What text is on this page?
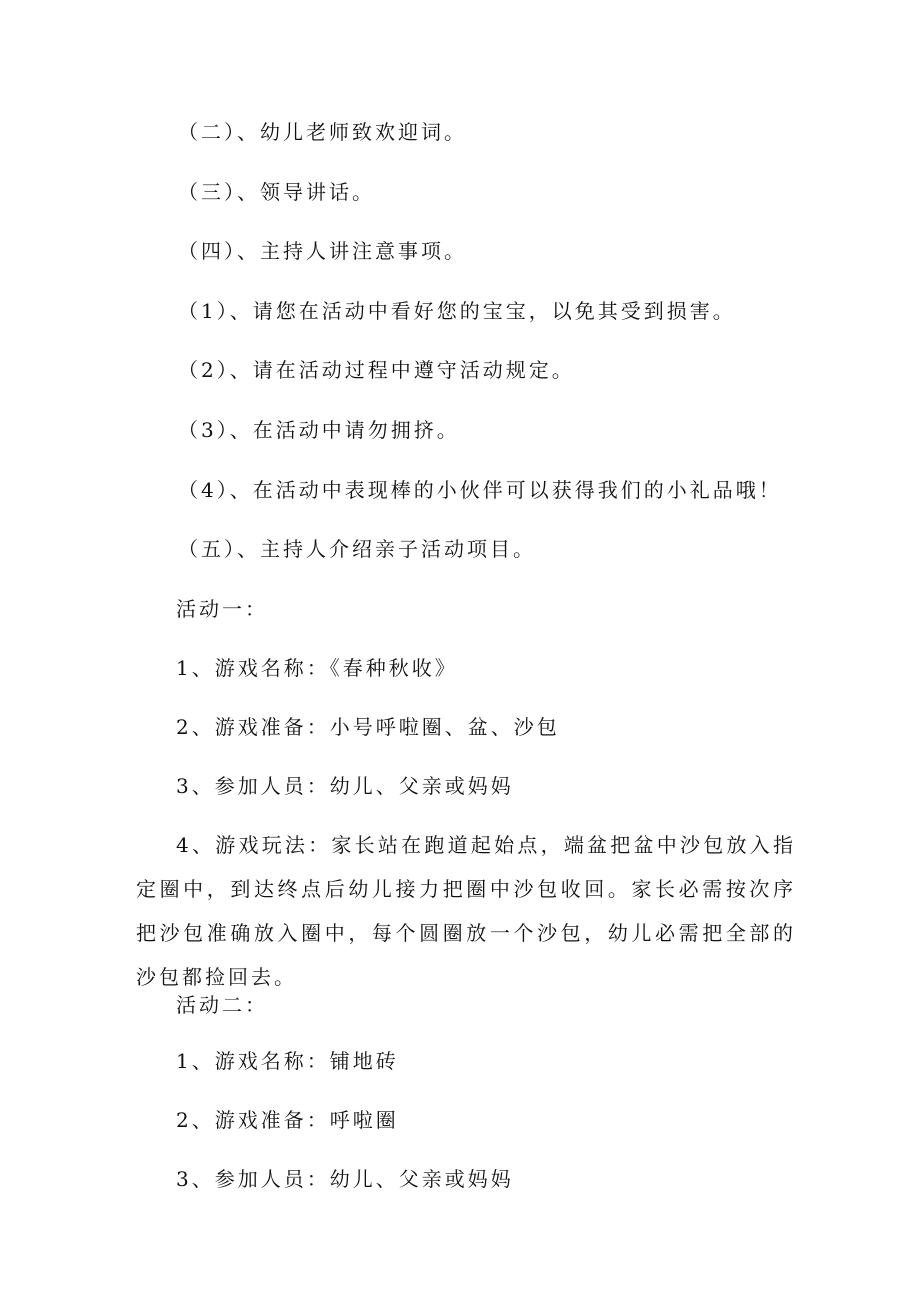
（二）、幼儿老师致欢迎词。

（三）、领导讲话。

（四）、主持人讲注意事项。

（1）、请您在活动中看好您的宝宝，以免其受到损害。

（2）、请在活动过程中遵守活动规定。

（3）、在活动中请勿拥挤。

（4）、在活动中表现棒的小伙伴可以获得我们的小礼品哦！

（五）、主持人介绍亲子活动项目。

活动一：

1、游戏名称：《春种秋收》

2、游戏准备：小号呼啦圈、盆、沙包

3、参加人员：幼儿、父亲或妈妈

4、游戏玩法：家长站在跑道起始点，端盆把盆中沙包放入指定圈中，到达终点后幼儿接力把圈中沙包收回。家长必需按次序把沙包准确放入圈中，每个圆圈放一个沙包，幼儿必需把全部的沙包都捡回去。

活动二：

1、游戏名称：铺地砖

2、游戏准备：呼啦圈

3、参加人员：幼儿、父亲或妈妈
